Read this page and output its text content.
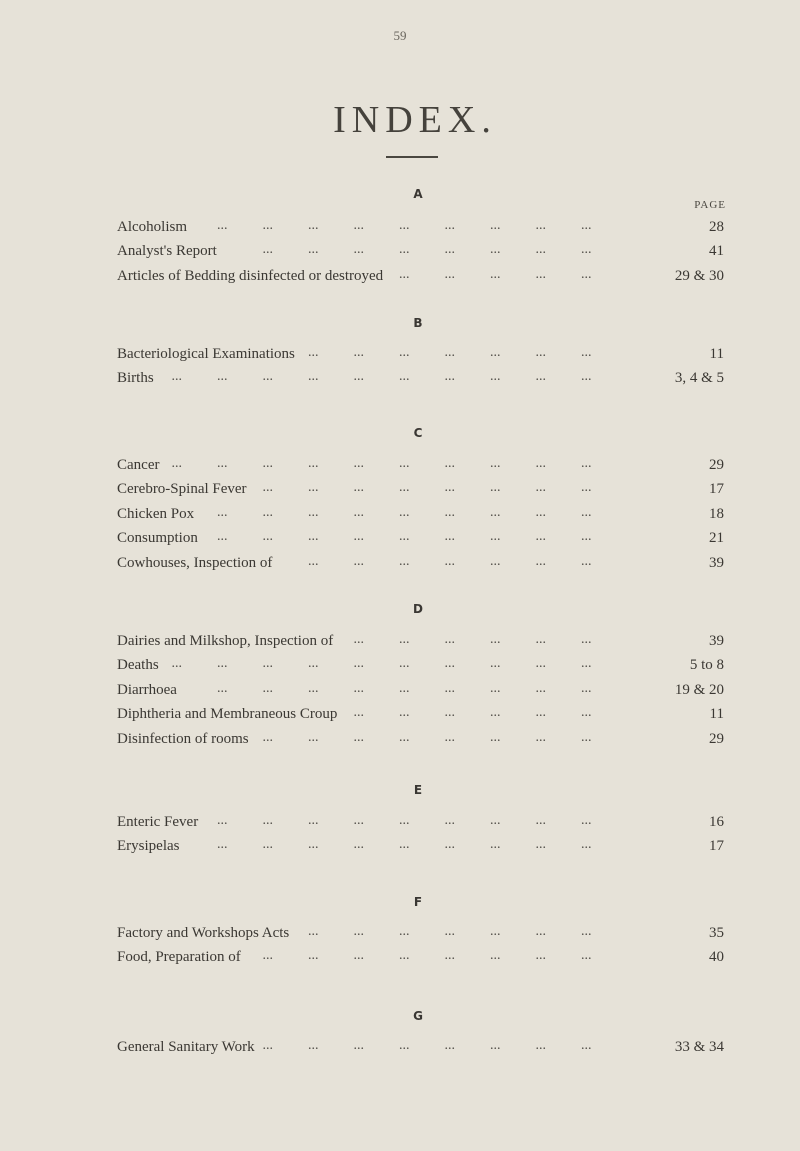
59
INDEX.
A
PAGE
Alcoholism ...	...	...	...	...	...	...	...	...	28
Analyst's Report	...	...	...	...	...	...	...	...	41
Articles of Bedding disinfected or destroyed ...	...	...	...	...	29 & 30
B
Bacteriological Examinations ...	...	...	...	...	...	...	11
Births ...	...	...	...	...	...	...	...	...	...	3, 4 & 5
C
Cancer ...	...	...	...	...	...	...	...	...	...	29
Cerebro-Spinal Fever ...	...	...	...	...	...	...	...	17
Chicken Pox ...	...	...	...	...	...	...	...	...	18
Consumption ...	...	...	...	...	...	...	...	...	21
Cowhouses, Inspection of	...	...	...	...	...	...	...	39
D
Dairies and Milkshop, Inspection of ...	...	...	...	...	...	39
Deaths ...	...	...	...	...	...	...	...	...	...	5 to 8
Diarrhoea	...	...	...	...	...	...	...	...	...	19 & 20
Diphtheria and Membraneous Croup ...	...	...	...	...	...	11
Disinfection of rooms ...	...	...	...	...	...	...	...	29
E
Enteric Fever ...	...	...	...	...	...	...	...	...	16
Erysipelas	...	...	...	...	...	...	...	...	...	17
F
Factory and Workshops Acts ...	...	...	...	...	...	...	35
Food, Preparation of ...	...	...	...	...	...	...	...	40
G
General Sanitary Work ...	...	...	...	...	...	...	...	33 & 34
